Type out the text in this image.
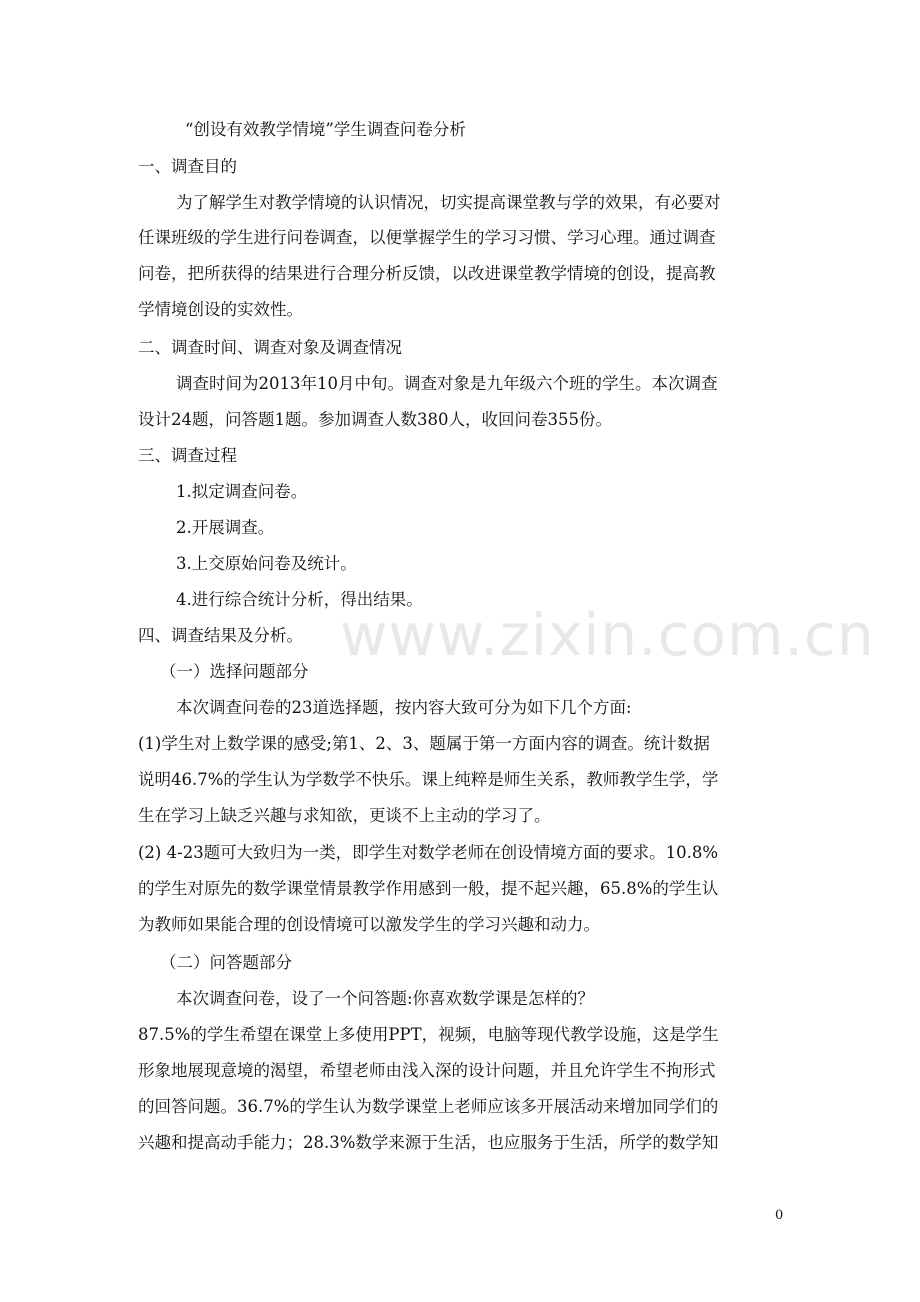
“创设有效教学情境”学生调查问卷分析
一、调查目的
为了解学生对教学情境的认识情况，切实提高课堂教与学的效果，有必要对
任课班级的学生进行问卷调查，以便掌握学生的学习习惯、学习心理。通过调查
问卷，把所获得的结果进行合理分析反馈，以改进课堂教学情境的创设，提高教
学情境创设的实效性。
二、调查时间、调查对象及调查情况
调查时间为2013年10月中旬。调查对象是九年级六个班的学生。本次调查
设计24题，问答题1题。参加调查人数380人，收回问卷355份。
三、调查过程
1.拟定调查问卷。
2.开展调查。
3.上交原始问卷及统计。
4.进行综合统计分析，得出结果。
www.zixin.com.cn
四、调查结果及分析。
（一）选择问题部分
本次调查问卷的23道选择题，按内容大致可分为如下几个方面:
(1)学生对上数学课的感受;第1、2、3、题属于第一方面内容的调查。统计数据
说明46.7%的学生认为学数学不快乐。课上纯粹是师生关系，教师教学生学，学
生在学习上缺乏兴趣与求知欲，更谈不上主动的学习了。
(2) 4-23题可大致归为一类，即学生对数学老师在创设情境方面的要求。10.8%
的学生对原先的数学课堂情景教学作用感到一般，提不起兴趣，65.8%的学生认
为教师如果能合理的创设情境可以激发学生的学习兴趣和动力。
（二）问答题部分
本次调查问卷，设了一个问答题:你喜欢数学课是怎样的？
87.5%的学生希望在课堂上多使用PPT，视频，电脑等现代教学设施，这是学生
形象地展现意境的渴望，希望老师由浅入深的设计问题，并且允许学生不拘形式
的回答问题。36.7%的学生认为数学课堂上老师应该多开展活动来增加同学们的
兴趣和提高动手能力；28.3%数学来源于生活，也应服务于生活，所学的数学知
0
